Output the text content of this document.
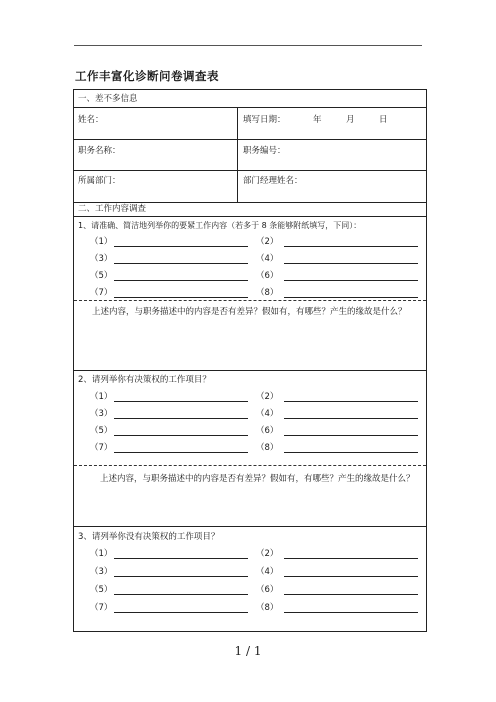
工作丰富化诊断问卷调查表
一、差不多信息
姓名：	填写日期：	年	月	日
职务名称：	职务编号：
所属部门：	部门经理姓名：
二、工作内容调查
1、请准确、简洁地列举你的要紧工作内容（若多于 8 条能够附纸填写，下同）：
（1）	（2）
（3）	（4）
（5）	（6）
（7）	（8）
上述内容，与职务描述中的内容是否有差异？假如有，有哪些？产生的缘故是什么？
2、请列举你有决策权的工作项目？
（1）	（2）
（3）	（4）
（5）	（6）
（7）	（8）
上述内容，与职务描述中的内容是否有差异？假如有，有哪些？产生的缘故是什么？
3、请列举你没有决策权的工作项目？
（1）	（2）
（3）	（4）
（5）	（6）
（7）	（8）
1 / 1
